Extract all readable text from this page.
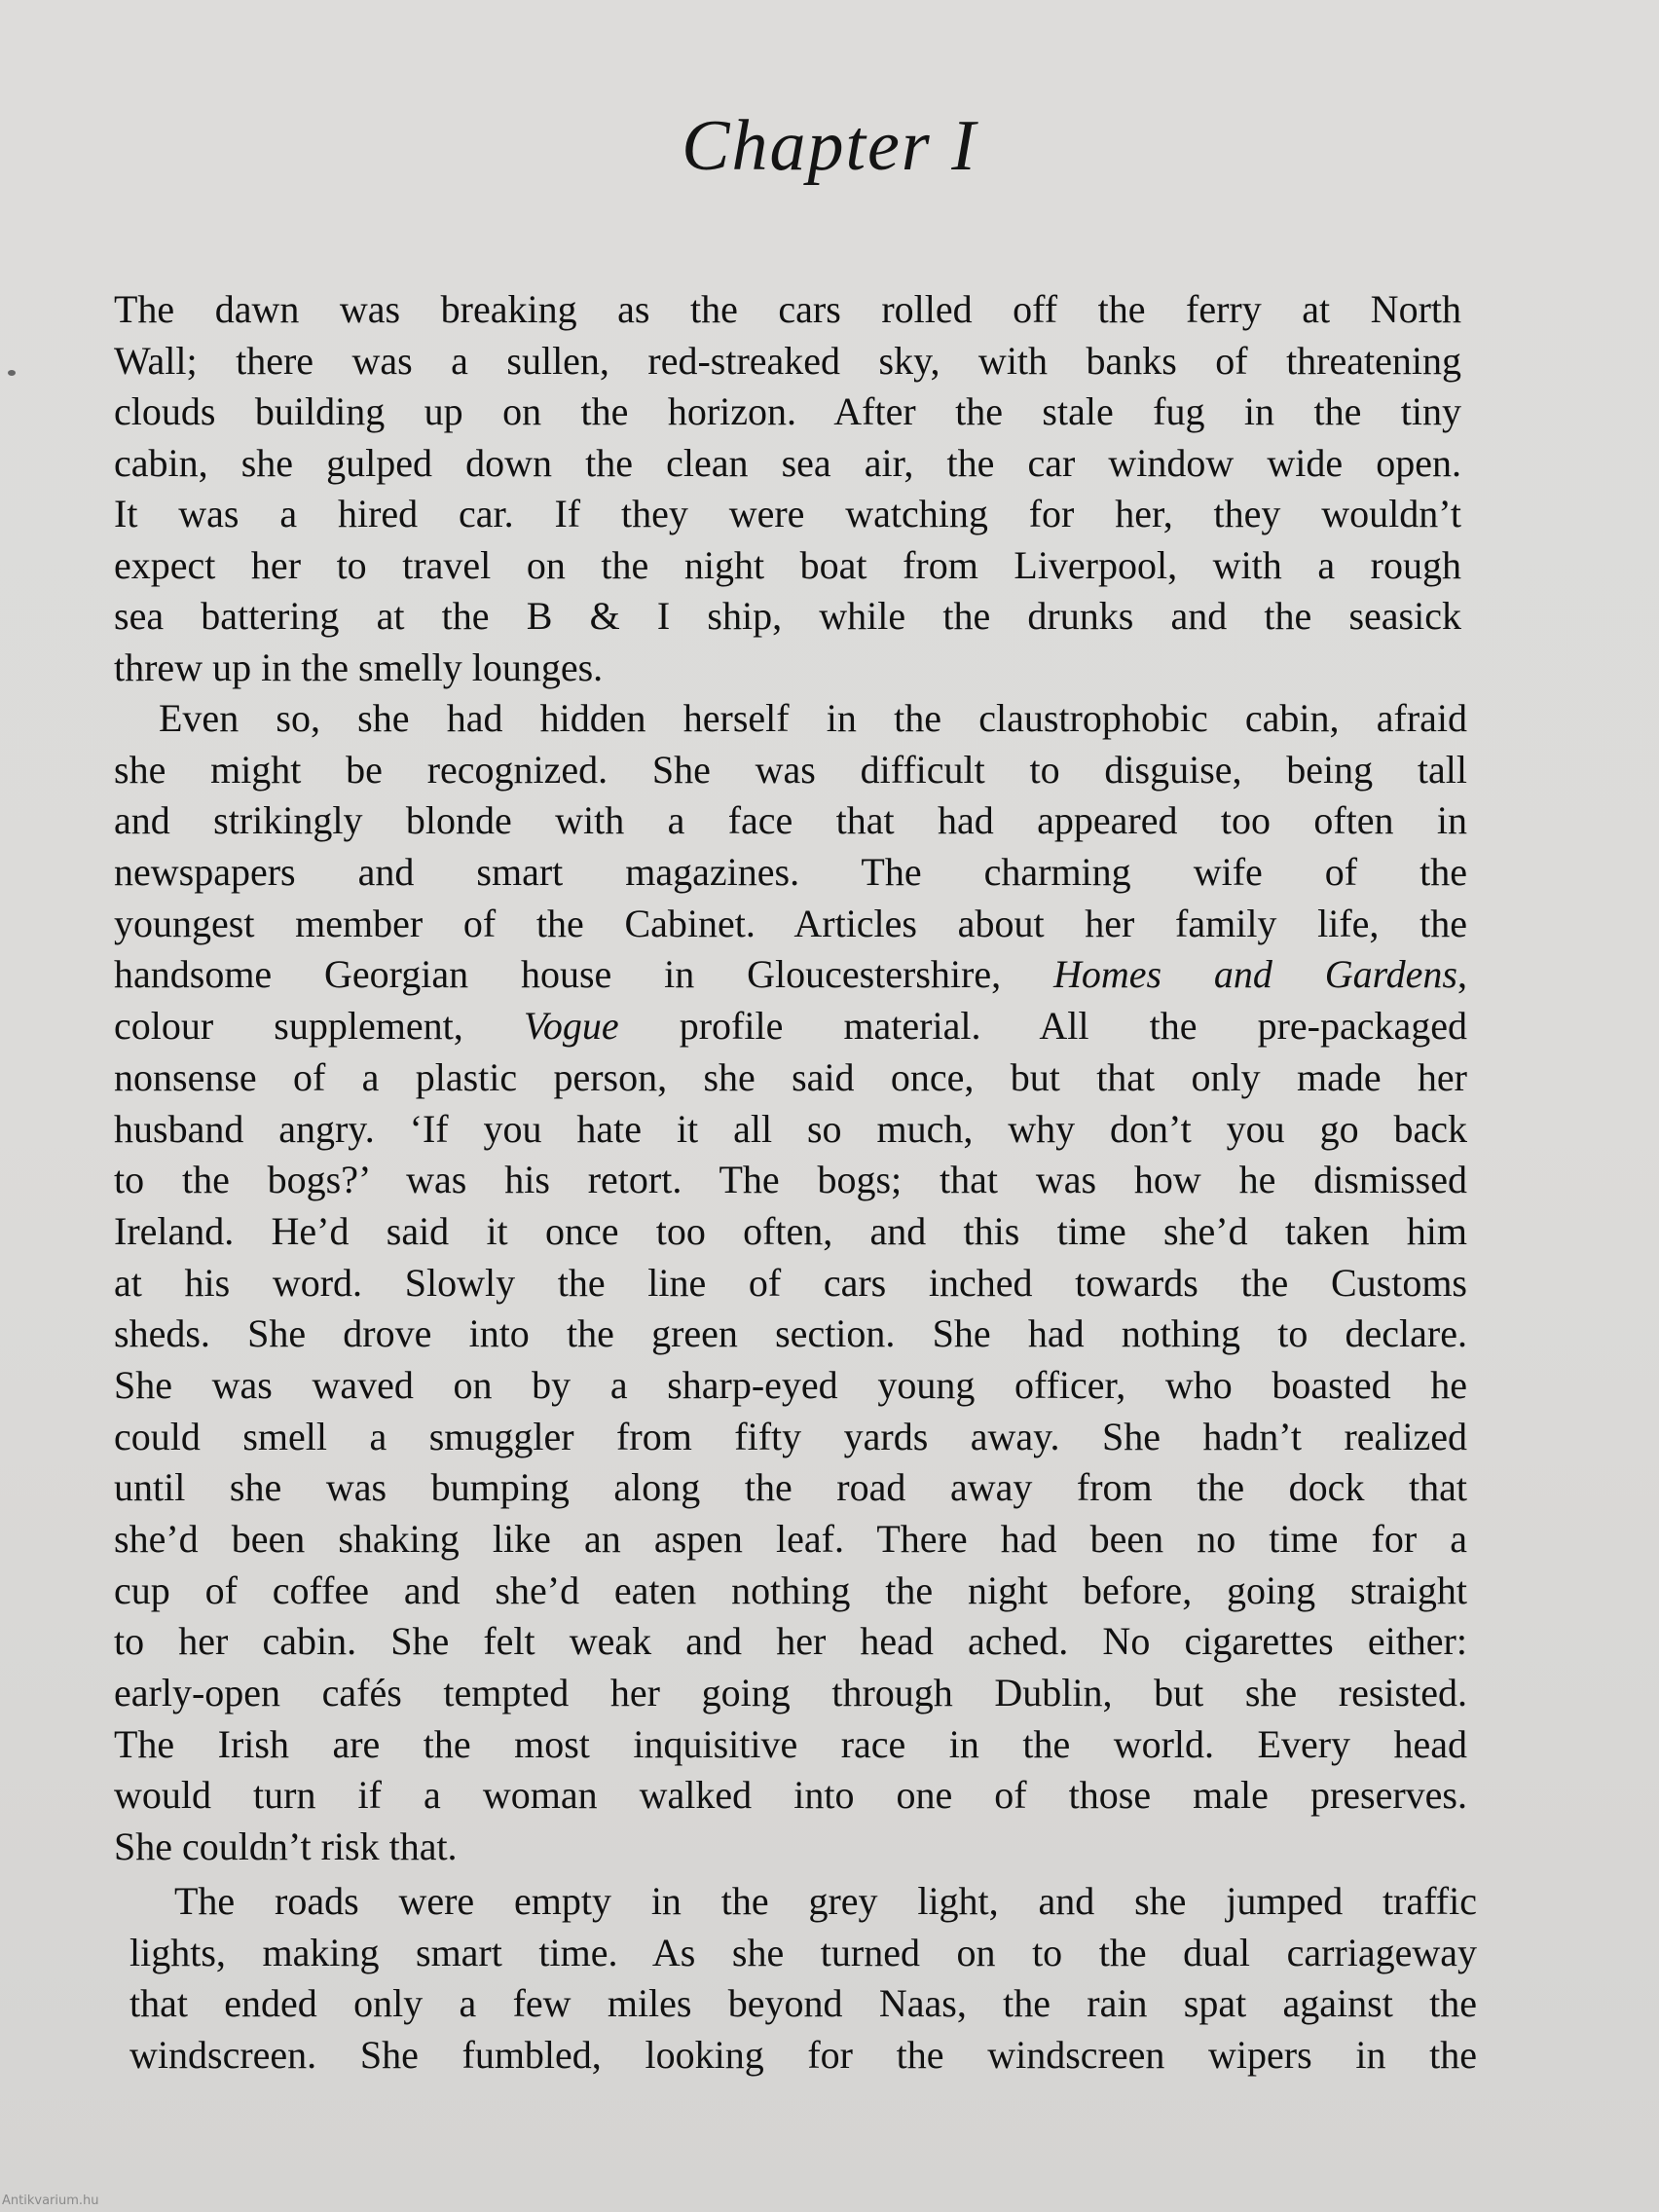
Chapter I

The dawn was breaking as the cars rolled off the ferry at North
Wall; there was a sullen, red-streaked sky, with banks of threatening
clouds building up on the horizon. After the stale fug in the tiny
cabin, she gulped down the clean sea air, the car window wide open.
It was a hired car. If they were watching for her, they wouldn’t
expect her to travel on the night boat from Liverpool, with a rough
sea battering at the B & I ship, while the drunks and the seasick
threw up in the smelly lounges.

Even so, she had hidden herself in the claustrophobic cabin, afraid
she might be recognized. She was difficult to disguise, being tall
and strikingly blonde with a face that had appeared too often in
newspapers and smart magazines. The charming wife of the
youngest member of the Cabinet. Articles about her family life, the
handsome Georgian house in Gloucestershire, Homes and Gardens,
colour supplement, Vogue profile material. All the pre-packaged
nonsense of a plastic person, she said once, but that only made her
husband angry. ‘If you hate it all so much, why don’t you go back
to the bogs?’ was his retort. The bogs; that was how he dismissed
Ireland. He’d said it once too often, and this time she’d taken him
at his word. Slowly the line of cars inched towards the Customs
sheds. She drove into the green section. She had nothing to declare.
She was waved on by a sharp-eyed young officer, who boasted he
could smell a smuggler from fifty yards away. She hadn’t realized
until she was bumping along the road away from the dock that
she’d been shaking like an aspen leaf. There had been no time for a
cup of coffee and she’d eaten nothing the night before, going straight
to her cabin. She felt weak and her head ached. No cigarettes either:
early-open cafés tempted her going through Dublin, but she resisted.
The Irish are the most inquisitive race in the world. Every head
would turn if a woman walked into one of those male preserves.
She couldn’t risk that.

The roads were empty in the grey light, and she jumped traffic
lights, making smart time. As she turned on to the dual carriageway
that ended only a few miles beyond Naas, the rain spat against the
windscreen. She fumbled, looking for the windscreen wipers in the

Antikvarium.hu
